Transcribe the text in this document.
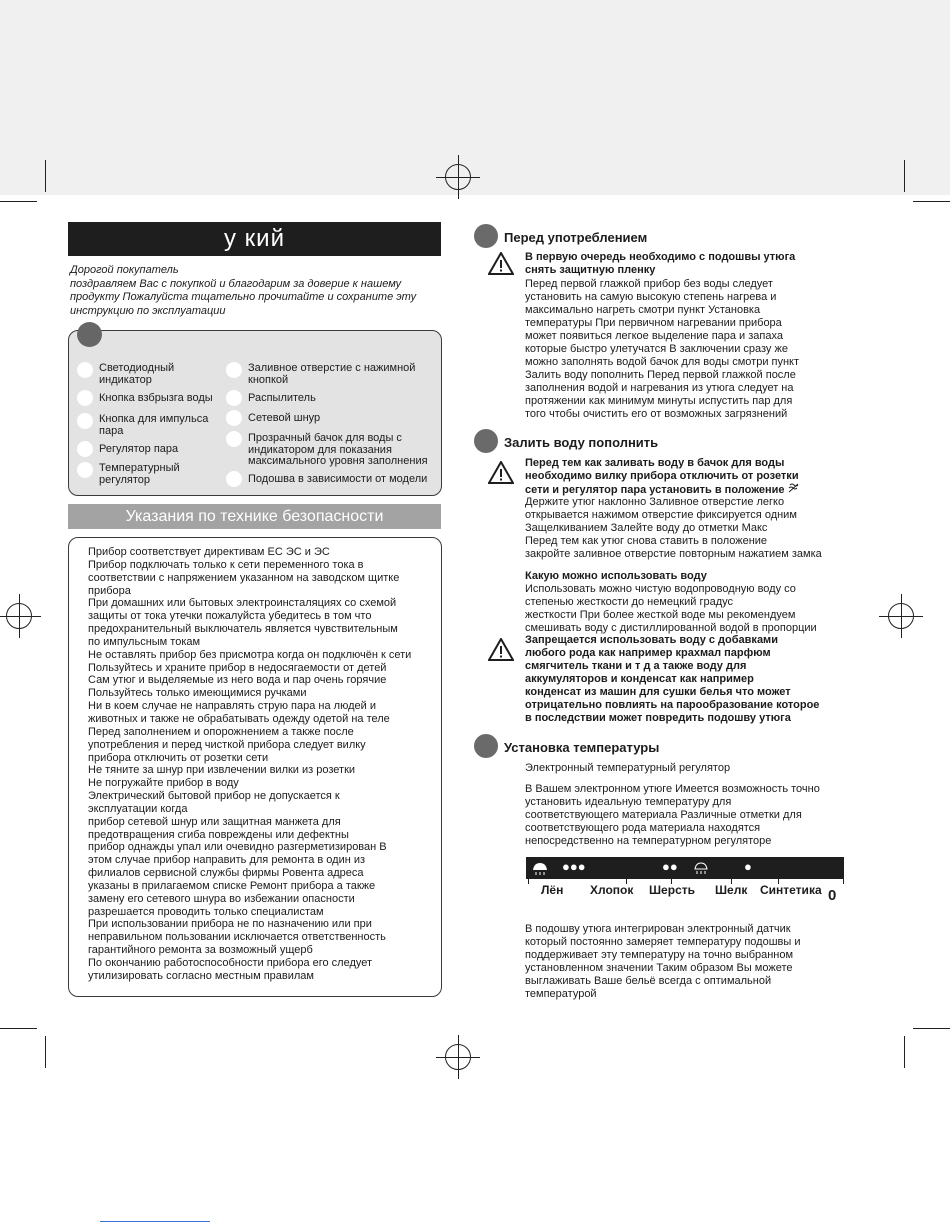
у кий
Дорогой покупатель
поздравляем Вас с покупкой и благодарим за доверие к нашему
продукту Пожалуйста тщательно прочитайте и сохраните эту
инструкцию по эксплуатации
Светодиодный
индикатор
Кнопка взбрызга воды
Кнопка для импульса
пара
Регулятор пара
Температурный
регулятор
Заливное отверстие с нажимной
кнопкой
Распылитель
Сетевой шнур
Прозрачный бачок для воды с
индикатором для показания
максимального уровня заполнения
Подошва в зависимости от модели
Указания по технике безопасности
Прибор соответствует директивам ЕС ЭС и ЭС
Прибор подключать только к сети переменного тока в
соответствии с напряжением указанном на заводском щитке
прибора
При домашних или бытовых электроинсталяциях со схемой
защиты от тока утечки пожалуйста убедитесь в том что
предохранительный выключатель является чувствительным
по импульсным токам
Не оставлять прибор без присмотра когда он подключён к сети
Пользуйтесь и храните прибор в недосягаемости от детей
Сам утюг и выделяемые из него вода и пар очень горячие
Пользуйтесь только имеющимися ручками
Ни в коем случае не направлять струю пара на людей и
животных и также не обрабатывать одежду одетой на теле
Перед заполнением и опорожнением а также после
употребления и перед чисткой прибора следует вилку
прибора отключить от розетки сети
Не тяните за шнур при извлечении вилки из розетки
Не погружайте прибор в воду
Электрический бытовой прибор не допускается к
эксплуатации когда
прибор сетевой шнур или защитная манжета для
предотвращения сгиба повреждены или дефектны
прибор однажды упал или очевидно разгерметизирован В
этом случае прибор направить для ремонта в один из
филиалов сервисной службы фирмы Ровента адреса
указаны в прилагаемом списке Ремонт прибора а также
замену его сетевого шнура во избежании опасности
разрешается проводить только специалистам
При использовании прибора не по назначению или при
неправильном пользовании исключается ответственность
гарантийного ремонта за возможный ущерб
По окончанию работоспособности прибора его следует
утилизировать согласно местным правилам
Перед употреблением
В первую очередь необходимо с подошвы утюга
снять защитную пленку
Перед первой глажкой прибор без воды следует
установить на самую высокую степень нагрева и
максимально нагреть смотри пункт Установка
температуры При первичном нагревании прибора
может появиться легкое выделение пара и запаха
которые быстро улетучатся В заключении сразу же
можно заполнять водой бачок для воды смотри пункт
Залить воду пополнить Перед первой глажкой после
заполнения водой и нагревания из утюга следует на
протяжении как минимум минуты испустить пар для
того чтобы очистить его от возможных загрязнений
Залить воду пополнить
Перед тем как заливать воду в бачок для воды
необходимо вилку прибора отключить от розетки
сети и регулятор пара установить в положение
Держите утюг наклонно Заливное отверстие легко
открывается нажимом отверстие фиксируется одним
Защелкиванием Залейте воду до отметки Макс
Перед тем как утюг снова ставить в положение
закройте заливное отверстие повторным нажатием замка
Какую можно использовать воду
Использовать можно чистую водопроводную воду со
степенью жесткости до немецкий градус
жесткости При более жесткой воде мы рекомендуем
смешивать воду с дистиллированной водой в пропорции
Запрещается использовать воду с добавками
любого рода как например крахмал парфюм
смягчитель ткани и т д а также воду для
аккумуляторов и конденсат как например
конденсат из машин для сушки белья что может
отрицательно повлиять на парообразование которое
в последствии может повредить подошву утюга
Установка температуры
Электронный температурный регулятор
В Вашем электронном утюге Имеется возможность точно
установить идеальную температуру для
соответствующего материала Различные отметки для
соответствующего рода материала находятся
непосредственно на температурном регуляторе
●●●	●●	●
Лён Хлопок Шерсть Шелк Синтетика 0
В подошву утюга интегрирован электронный датчик
который постоянно замеряет температуру подошвы и
поддерживает эту температуру на точно выбранном
установленном значении Таким образом Вы можете
выглаживать Ваше бельё всегда с оптимальной
температурой
